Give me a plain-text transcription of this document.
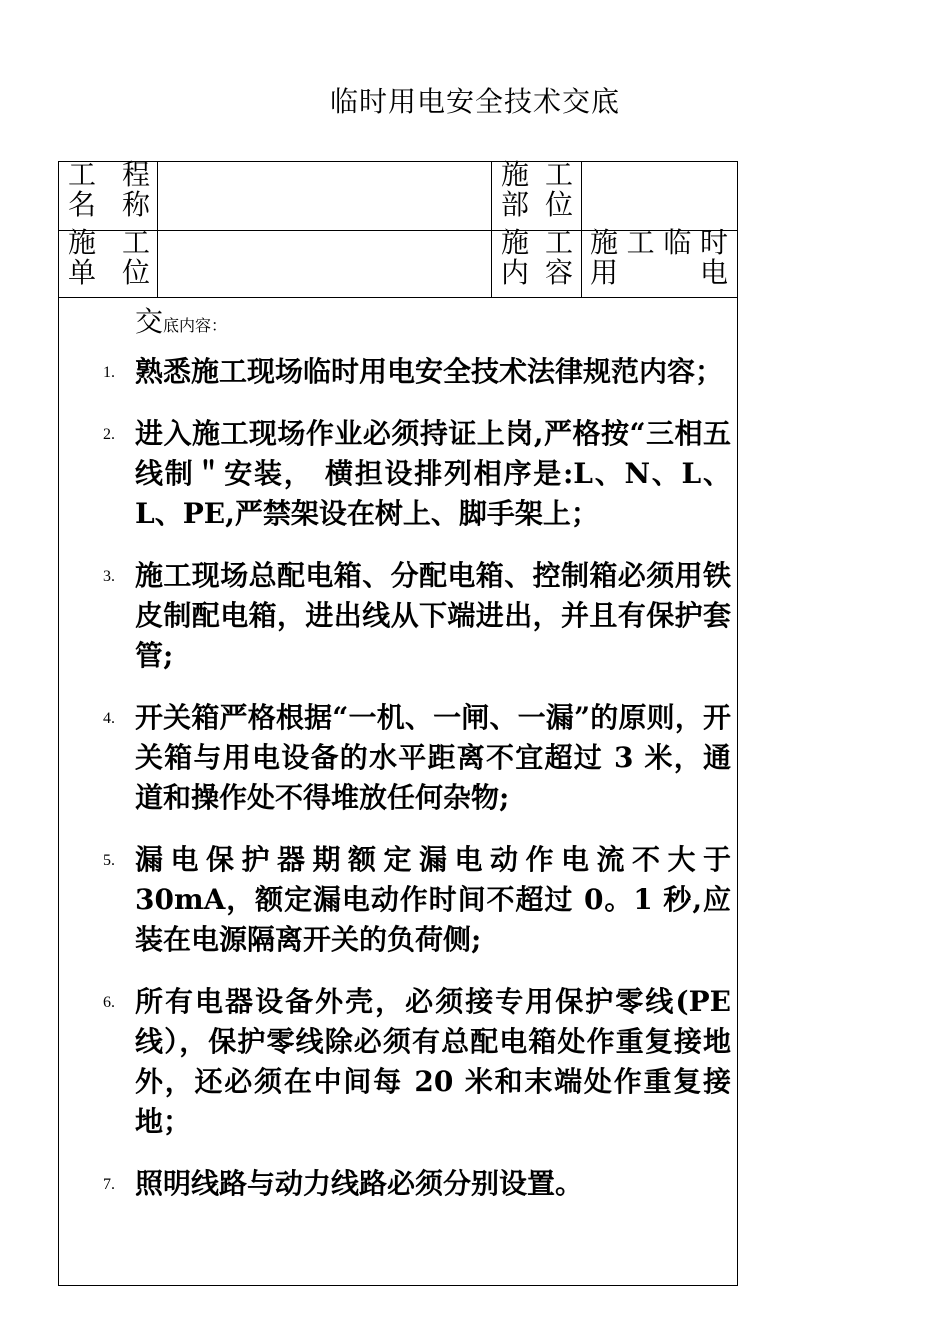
临时用电安全技术交底
工 程 名称
施 工 部位
施 工 单位
施 工 内容
施工临时用电
交底内容：
1. 熟悉施工现场临时用电安全技术法律规范内容；
2. 进入施工现场作业必须持证上岗,严格按“三相五线制＂安装， 横担设排列相序是:L、N、L、L、PE,严禁架设在树上、脚手架上；
3. 施工现场总配电箱、分配电箱、控制箱必须用铁皮制配电箱，进出线从下端进出，并且有保护套管;
4. 开关箱严格根据“一机、一闸、一漏”的原则，开关箱与用电设备的水平距离不宜超过 3 米，通道和操作处不得堆放任何杂物;
5. 漏电保护器期额定漏电动作电流不大于 30mA，额定漏电动作时间不超过 0。1 秒,应装在电源隔离开关的负荷侧;
6. 所有电器设备外壳，必须接专用保护零线(PE 线），保护零线除必须有总配电箱处作重复接地外，还必须在中间每 20 米和末端处作重复接地；
7. 照明线路与动力线路必须分别设置。
